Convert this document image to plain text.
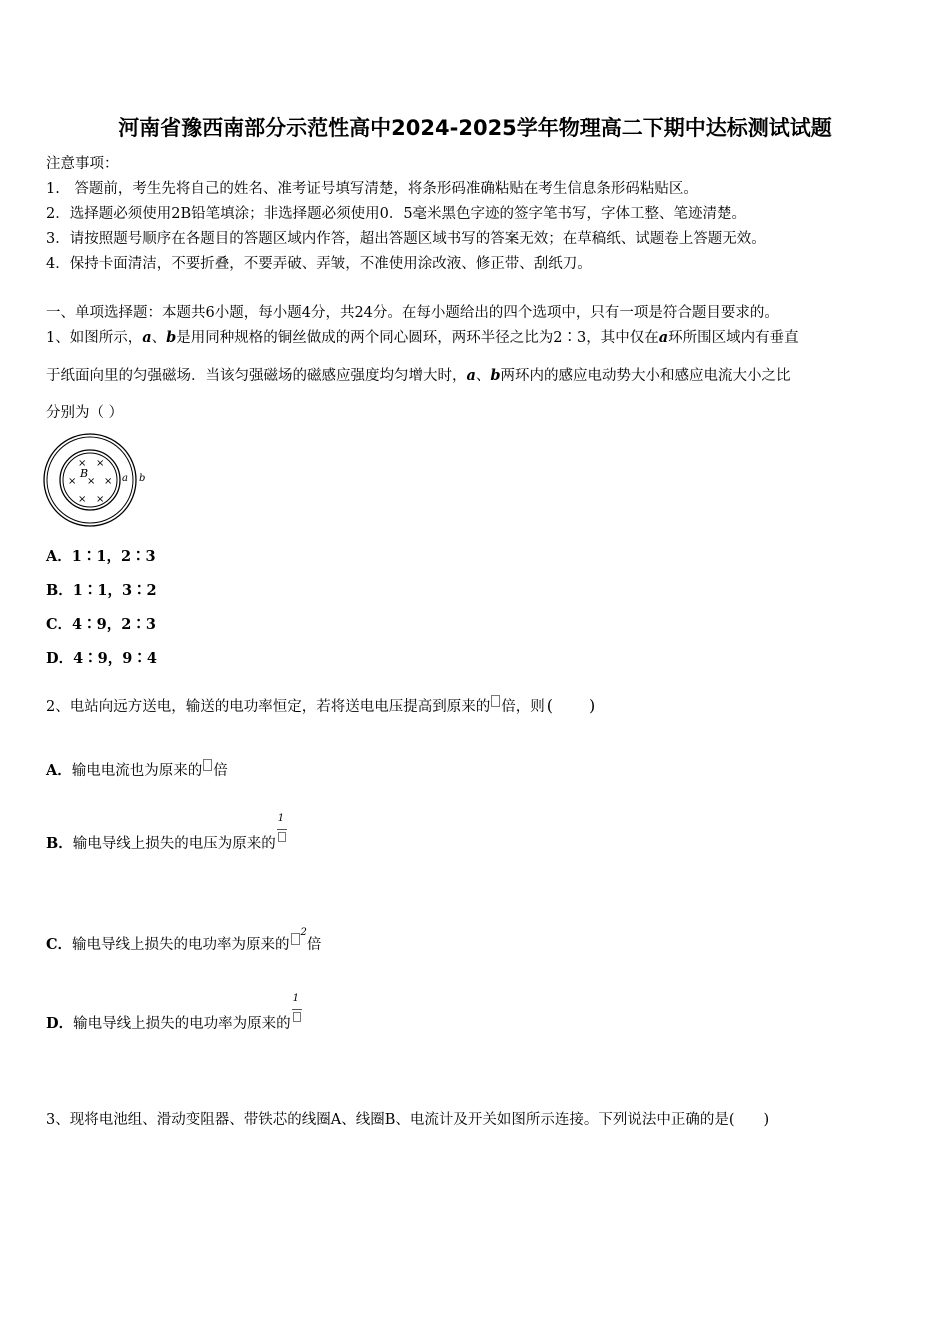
河南省豫西南部分示范性高中2024-2025学年物理高二下期中达标测试试题
注意事项：
1.　答题前，考生先将自己的姓名、准考证号填写清楚，将条形码准确粘贴在考生信息条形码粘贴区。
2．选择题必须使用2B铅笔填涂；非选择题必须使用0．5毫米黑色字迹的签字笔书写，字体工整、笔迹清楚。
3．请按照题号顺序在各题目的答题区域内作答，超出答题区域书写的答案无效；在草稿纸、试题卷上答题无效。
4．保持卡面清洁，不要折叠，不要弄破、弄皱，不准使用涂改液、修正带、刮纸刀。
一、单项选择题：本题共6小题，每小题4分，共24分。在每小题给出的四个选项中，只有一项是符合题目要求的。
1、如图所示，a、b是用同种规格的铜丝做成的两个同心圆环，两环半径之比为2∶3，其中仅在a环所围区域内有垂直
于纸面向里的匀强磁场．当该匀强磁场的磁感应强度均匀增大时，a、b两环内的感应电动势大小和感应电流大小之比
分别为（ ）
× ×
B
× × ×
× ×
a b
A．1∶1，2∶3
B．1∶1，3∶2
C．4∶9，2∶3
D．4∶9，9∶4
2、电站向远方送电，输送的电功率恒定，若将送电电压提高到原来的 倍，则 ( )
A．输电电流也为原来的 倍
B．输电导线上损失的电压为原来的
1
C．输电导线上损失的电功率为原来的$^2$倍
D．输电导线上损失的电功率为原来的
1
3、现将电池组、滑动变阻器、带铁芯的线圈A、线圈B、电流计及开关如图所示连接。下列说法中正确的是(　　)
